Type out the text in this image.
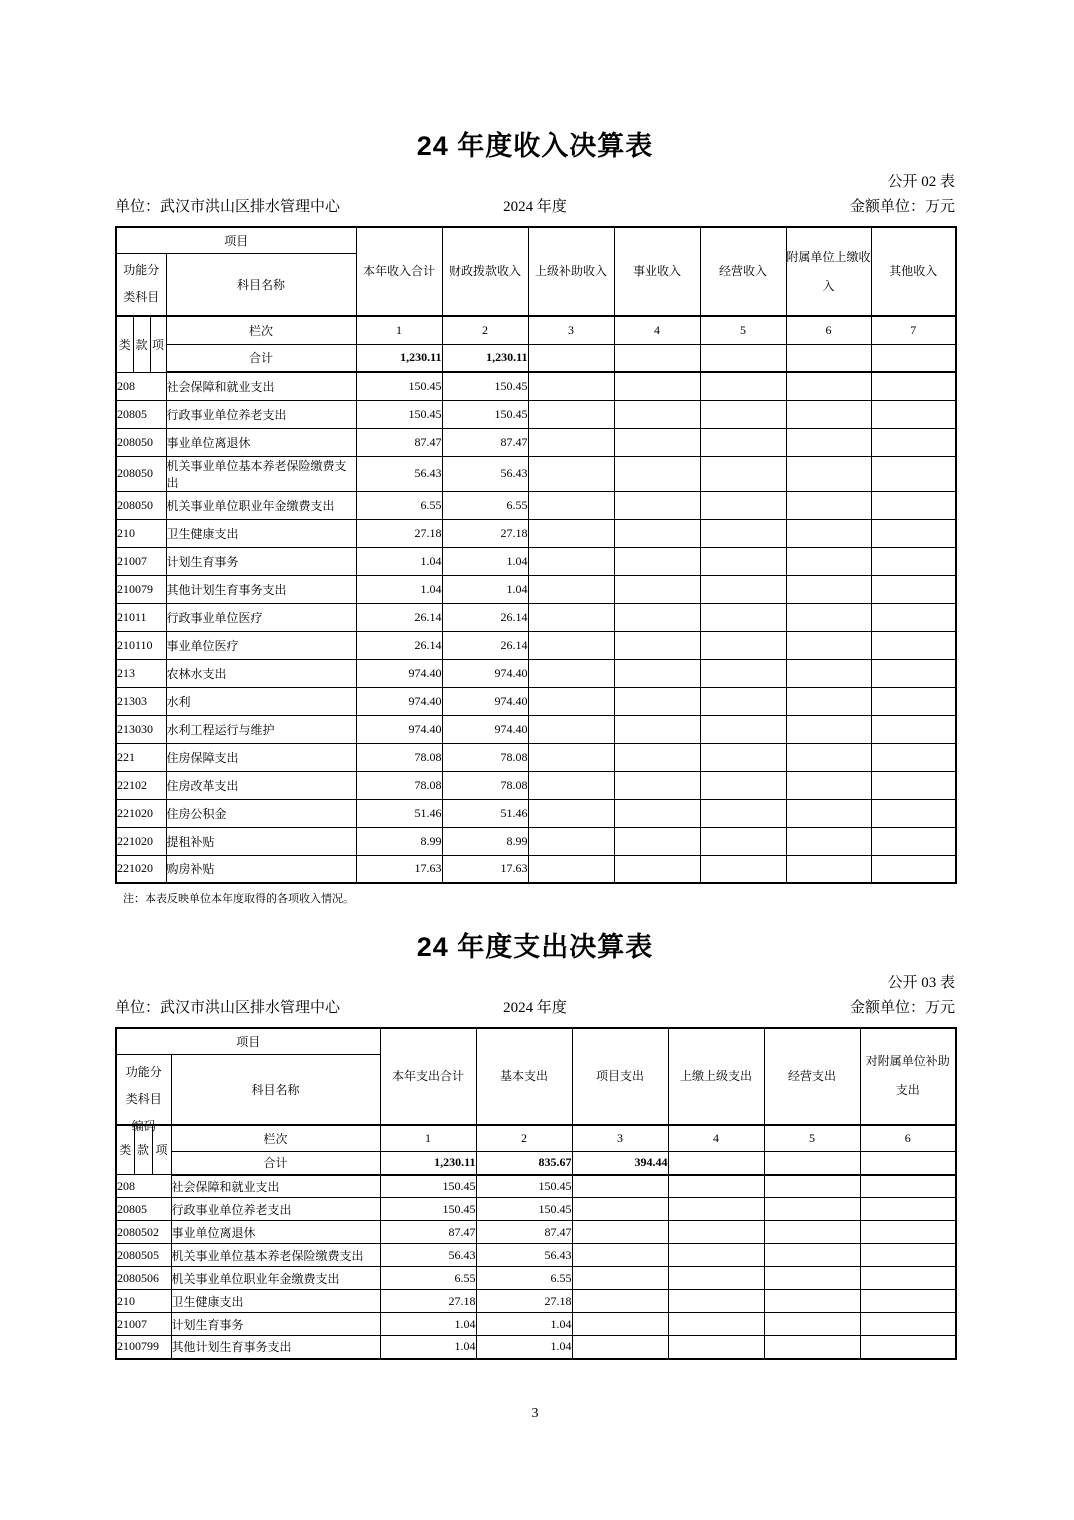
24 年度收入决算表
公开 02 表
单位：武汉市洪山区排水管理中心	2024 年度	金额单位：万元
项目				本年收入合计	财政拨款收入	上级补助收入	事业收入	经营收入	附属单位上缴收入	其他收入

功能分
类科目			科目名称							
类	款	项	栏次	1	2	3	4	5	6	7
			合计	1,230.11	1,230.11					
208			社会保障和就业支出	150.45	150.45					
20805			行政事业单位养老支出	150.45	150.45					
208050			事业单位离退休	87.47	87.47					
208050			机关事业单位基本养老保险缴费支出	56.43	56.43					
208050			机关事业单位职业年金缴费支出	6.55	6.55					
210			卫生健康支出	27.18	27.18					
21007			计划生育事务	1.04	1.04					
210079			其他计划生育事务支出	1.04	1.04					
21011			行政事业单位医疗	26.14	26.14					
210110			事业单位医疗	26.14	26.14					
213			农林水支出	974.40	974.40					
21303			水利	974.40	974.40					
213030			水利工程运行与维护	974.40	974.40					
221			住房保障支出	78.08	78.08					
22102			住房改革支出	78.08	78.08					
221020			住房公积金	51.46	51.46					
221020			提租补贴	8.99	8.99					
221020			购房补贴	17.63	17.63					
注：本表反映单位本年度取得的各项收入情况。
24 年度支出决算表
公开 03 表
单位：武汉市洪山区排水管理中心	2024 年度	金额单位：万元
项目				本年支出合计	基本支出	项目支出	上缴上级支出	经营支出	对附属单位补助支出

功能分
类科目
编码			科目名称						
类	款	项	栏次	1	2	3	4	5	6
			合计	1,230.11	835.67	394.44			
208			社会保障和就业支出	150.45	150.45				
20805			行政事业单位养老支出	150.45	150.45				
2080502			事业单位离退休	87.47	87.47				
2080505			机关事业单位基本养老保险缴费支出	56.43	56.43				
2080506			机关事业单位职业年金缴费支出	6.55	6.55				
210			卫生健康支出	27.18	27.18				
21007			计划生育事务	1.04	1.04				
2100799			其他计划生育事务支出	1.04	1.04				
3
